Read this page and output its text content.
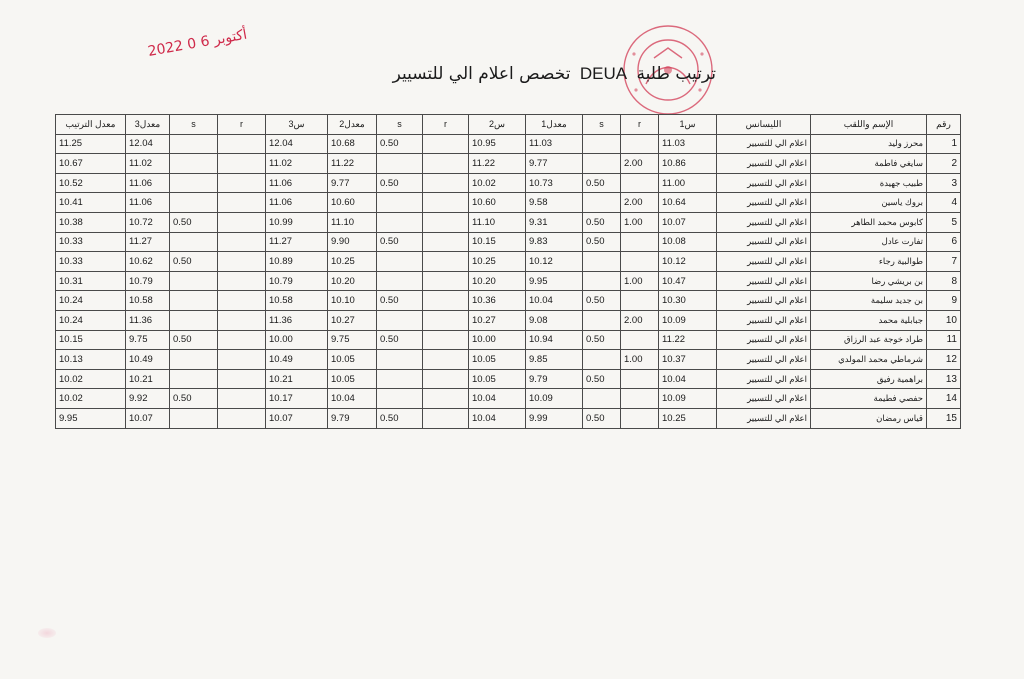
2022 0 6 أكتوبر
ترتيب طلبة DEUA تخصص اعلام الي للتسيير
رقم	الإسم واللقب	الليسانس	س1	r	s	معدل1	س2	r	s	معدل2	س3	r	s	معدل3	معدل الترتيب
1	محرز وليد	اعلام الي للتسيير	11.03			11.03	10.95		0.50	10.68	12.04			12.04	11.25
2	سايغي فاطمة	اعلام الي للتسيير	10.86	2.00		9.77	11.22			11.22	11.02			11.02	10.67
3	طبيب جهيدة	اعلام الي للتسيير	11.00		0.50	10.73	10.02		0.50	9.77	11.06			11.06	10.52
4	بروك ياسين	اعلام الي للتسيير	10.64	2.00		9.58	10.60			10.60	11.06			11.06	10.41
5	كابوس محمد الطاهر	اعلام الي للتسيير	10.07	1.00	0.50	9.31	11.10			11.10	10.99		0.50	10.72	10.38
6	تفارت عادل	اعلام الي للتسيير	10.08		0.50	9.83	10.15		0.50	9.90	11.27			11.27	10.33
7	طوالبية رجاء	اعلام الي للتسيير	10.12			10.12	10.25			10.25	10.89		0.50	10.62	10.33
8	بن بريشي رضا	اعلام الي للتسيير	10.47	1.00		9.95	10.20			10.20	10.79			10.79	10.31
9	بن جديد سليمة	اعلام الي للتسيير	10.30		0.50	10.04	10.36		0.50	10.10	10.58			10.58	10.24
10	جبابلية محمد	اعلام الي للتسيير	10.09	2.00		9.08	10.27			10.27	11.36			11.36	10.24
11	طراد خوجة عبد الرزاق	اعلام الي للتسيير	11.22		0.50	10.94	10.00		0.50	9.75	10.00		0.50	9.75	10.15
12	شرماطي محمد المولدي	اعلام الي للتسيير	10.37	1.00		9.85	10.05			10.05	10.49			10.49	10.13
13	براهمية رفيق	اعلام الي للتسيير	10.04		0.50	9.79	10.05			10.05	10.21			10.21	10.02
14	حفصي فطيمة	اعلام الي للتسيير	10.09			10.09	10.04			10.04	10.17		0.50	9.92	10.02
15	قياس رمضان	اعلام الي للتسيير	10.25		0.50	9.99	10.04		0.50	9.79	10.07			10.07	9.95
